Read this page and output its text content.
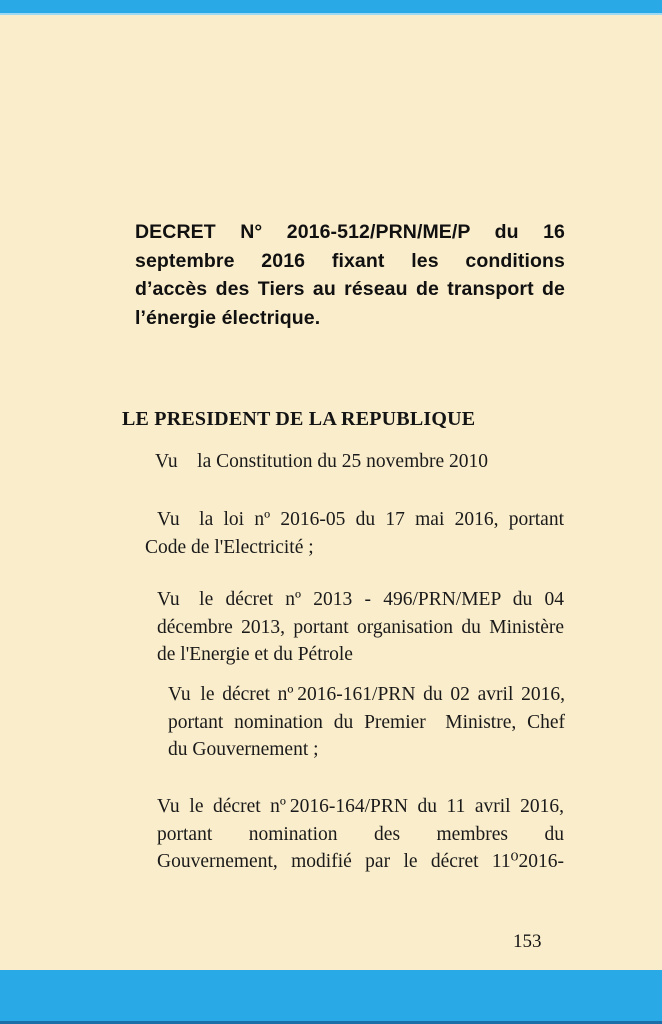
DECRET N° 2016-512/PRN/ME/P du 16
septembre 2016 fixant les conditions
d’accès des Tiers au réseau de transport de
l’énergie électrique.
LE PRESIDENT DE LA REPUBLIQUE
Vu  la Constitution du 25 novembre 2010
Vu la loi nº 2016-05 du 17 mai 2016, portant
Code de l'Electricité ;
Vu le décret nº 2013 - 496/PRN/MEP du 04
décembre 2013, portant organisation du Ministère
de l'Energie et du Pétrole
Vu le décret nº 2016-161/PRN du 02 avril 2016,
portant nomination du Premier Ministre, Chef
du Gouvernement ;
Vu le décret nº 2016-164/PRN du 11 avril 2016,
portant nomination des membres du
Gouvernement, modifié par le décret 11⁰2016-
153
